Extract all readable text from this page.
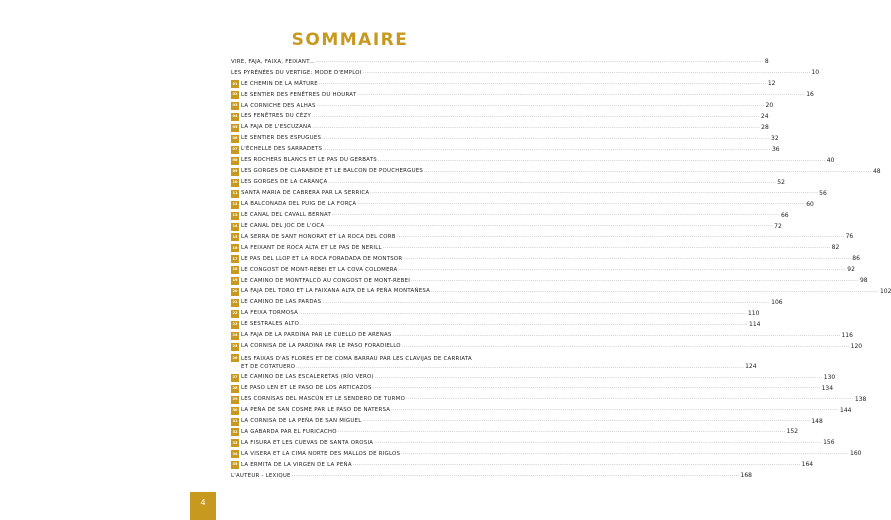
SOMMAIRE
VIRE, FAJA, FAIXA, FEIXANT... .....	8
LES PYRÉNÉES DU VERTIGE: MODE D'EMPLOI .....	10
01 LE CHEMIN DE LA MÂTURE .....	12
02 LE SENTIER DES FENÊTRES DU HOURAT .....	16
03 LA CORNICHE DES ALHAS .....	20
04 LES FENÊTRES DU CÉZY .....	24
05 LA FAJA DE L'ESCUZANA .....	28
06 LE SENTIER DES ESPUGUES .....	32
07 L'ÉCHELLE DES SARRADETS .....	36
08 LES ROCHERS BLANCS ET LE PAS DU GERBATS .....	40
09 LES GORGES DE CLARABIDE ET LE BALCON DE POUCHERGUES .....	48
10 LES GORGES DE LA CARANÇA .....	52
11 SANTA MARIA DE CABRERA PAR LA SERRICA .....	56
12 LA BALCONADA DEL PUIG DE LA FORÇA .....	60
13 LE CANAL DEL CAVALL BERNAT .....	66
14 LE CANAL DEL JOC DE L'OCA .....	72
15 LA SERRA DE SANT HONORAT ET LA ROCA DEL CORB .....	76
16 LA FEIXANT DE ROCA ALTA ET LE PAS DE NERILL .....	82
17 LE PAS DEL LLOP ET LA ROCA FORADADA DE MONTSOR .....	86
18 LE CONGOST DE MONT-REBEI ET LA COVA COLOMERA .....	92
19 LE CAMINO DE MONTFALCÓ AU CONGOST DE MONT-REBEI .....	98
20 LA FAJA DEL TORO ET LA FAIXANA ALTA DE LA PEÑA MONTAÑESA .....	102
21 LE CAMINO DE LAS PARDAS .....	106
22 LA FEIXA TORMOSA .....	110
23 LE SESTRALES ALTO .....	114
24 LA FAJA DE LA PARDINA PAR LE CUELLO DE ARENAS .....	116
25 LA CORNISA DE LA PARDINA PAR LE PASO FORADIELLO .....	120
26 LES FAIXAS D'AS FLORES ET DE COMA BARRAU PAR LES CLAVIJAS DE CARRIATA
ET DE COTATUERO .....	124
27 LE CAMINO DE LAS ESCALERETAS (RÍO VERO) .....	130
28 LE PASO LEN ET LE PASO DE LOS ARTICAZOS .....	134
29 LES CORNISAS DEL MASCÚN ET LE SENDERO DE TURMO .....	138
30 LA PEÑA DE SAN COSME PAR LE PASO DE NATERSA .....	144
31 LA CORNISA DE LA PEÑA DE SAN MIGUEL .....	148
32 LA GABARDA PAR EL FURICACHO .....	152
33 LA FISURA ET LES CUEVAS DE SANTA OROSIA .....	156
34 LA VISERA ET LA CIMA NORTE DES MALLOS DE RIGLOS .....	160
35 LA ERMITA DE LA VIRGEN DE LA PEÑA .....	164
L'AUTEUR - LEXIQUE .....	168
4
